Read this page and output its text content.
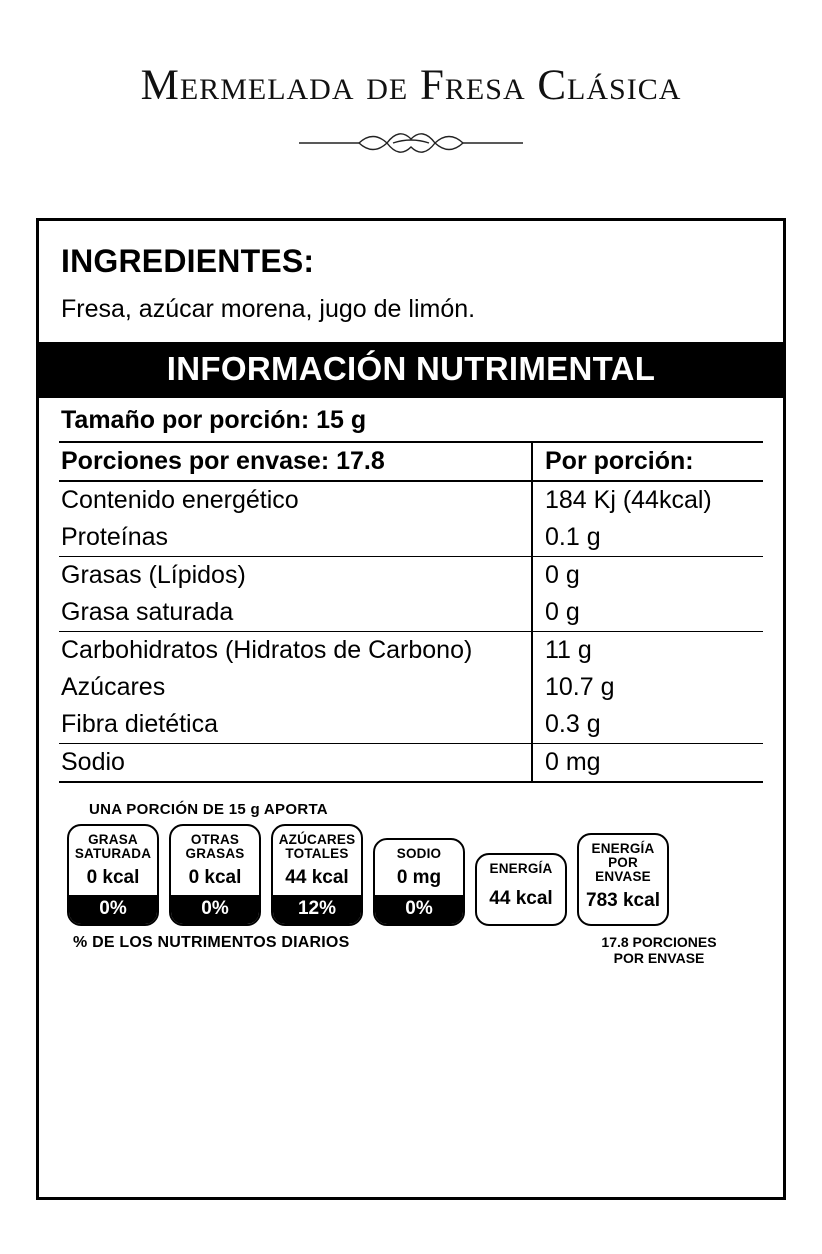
Mermelada de Fresa Clásica
INGREDIENTES:
Fresa, azúcar morena, jugo de limón.
INFORMACIÓN NUTRIMENTAL
Tamaño por porción: 15 g
Porciones por envase: 17.8	Por porción:
Contenido energético	184 Kj (44kcal)
Proteínas	0.1 g
Grasas (Lípidos)	0 g
Grasa saturada	0 g
Carbohidratos (Hidratos de Carbono)	11 g
Azúcares	10.7 g
Fibra dietética	0.3 g
Sodio	0 mg
UNA PORCIÓN DE 15 g APORTA
GRASA
SATURADA
0 kcal
0%
OTRAS
GRASAS
0 kcal
0%
AZÚCARES
TOTALES
44 kcal
12%
SODIO
0 mg
0%
ENERGÍA
44 kcal
ENERGÍA
POR
ENVASE
783 kcal
% DE LOS NUTRIMENTOS DIARIOS	17.8 PORCIONES
POR ENVASE
